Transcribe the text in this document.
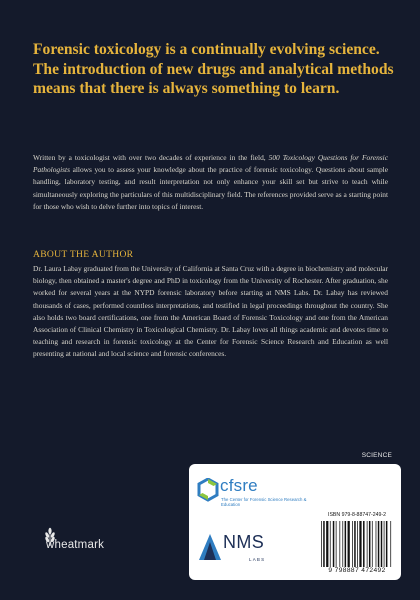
Forensic toxicology is a continually evolving science.
The introduction of new drugs and analytical methods
means that there is always something to learn.

Written by a toxicologist with over two decades of experience in the field, 500 Toxicology Questions for Forensic Pathologists allows you to assess your knowledge about the practice of forensic toxicology. Questions about sample handling, laboratory testing, and result interpretation not only enhance your skill set but strive to teach while simultaneously exploring the particulars of this multidisciplinary field. The references provided serve as a starting point for those who wish to delve further into topics of interest.

ABOUT THE AUTHOR

Dr. Laura Labay graduated from the University of California at Santa Cruz with a degree in biochemistry and molecular biology, then obtained a master's degree and PhD in toxicology from the University of Rochester. After graduation, she worked for several years at the NYPD forensic laboratory before starting at NMS Labs. Dr. Labay has reviewed thousands of cases, performed countless interpretations, and testified in legal proceedings throughout the country. She also holds two board certifications, one from the American Board of Forensic Toxicology and one from the American Association of Clinical Chemistry in Toxicological Chemistry. Dr. Labay loves all things academic and devotes time to teaching and research in forensic toxicology at the Center for Forensic Science Research and Education as well presenting at national and local science and forensic conferences.

SCIENCE
wheatmark
cfsre
The Center for Forensic Science Research & Education
NMS
LABS
ISBN 979-8-88747-249-2
9 798887 472492
